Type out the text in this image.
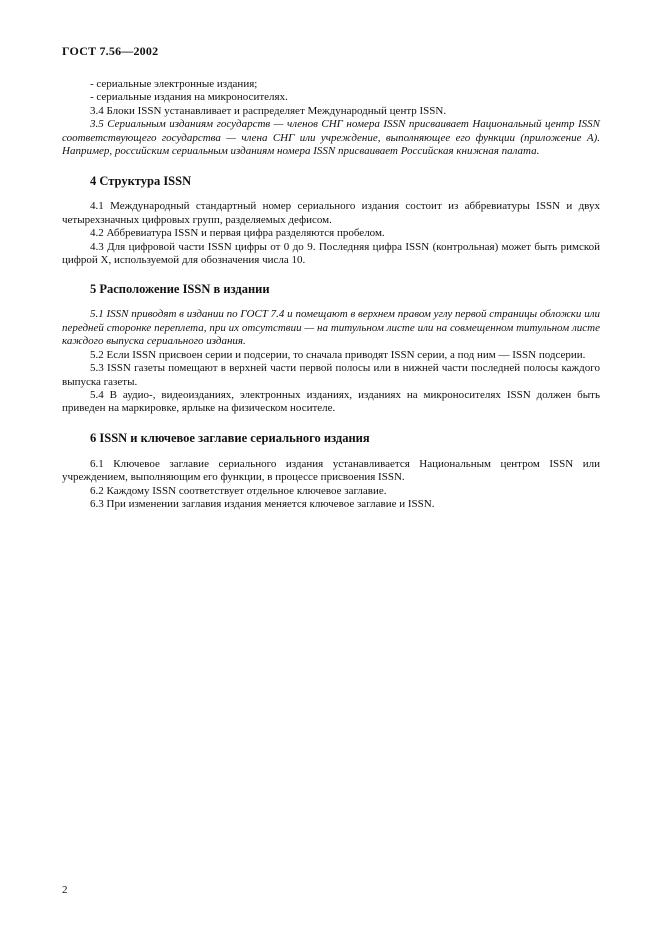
ГОСТ 7.56—2002

- сериальные электронные издания;

- сериальные издания на микроносителях.

3.4 Блоки ISSN устанавливает и распределяет Международный центр ISSN.

3.5 Сериальным изданиям государств — членов СНГ номера ISSN присваивает Национальный центр ISSN соответствующего государства — члена СНГ или учреждение, выполняющее его функции (приложение А). Например, российским сериальным изданиям номера ISSN присваивает Российская книжная палата.

4 Структура ISSN

4.1 Международный стандартный номер сериального издания состоит из аббревиатуры ISSN и двух четырехзначных цифровых групп, разделяемых дефисом.

4.2 Аббревиатура ISSN и первая цифра разделяются пробелом.

4.3 Для цифровой части ISSN цифры от 0 до 9. Последняя цифра ISSN (контрольная) может быть римской цифрой X, используемой для обозначения числа 10.

5 Расположение ISSN в издании

5.1 ISSN приводят в издании по ГОСТ 7.4 и помещают в верхнем правом углу первой страницы обложки или передней сторонке переплета, при их отсутствии — на титульном листе или на совмещенном титульном листе каждого выпуска сериального издания.

5.2 Если ISSN присвоен серии и подсерии, то сначала приводят ISSN серии, а под ним — ISSN подсерии.

5.3 ISSN газеты помещают в верхней части первой полосы или в нижней части последней полосы каждого выпуска газеты.

5.4 В аудио-, видеоизданиях, электронных изданиях, изданиях на микроносителях ISSN должен быть приведен на маркировке, ярлыке на физическом носителе.

6 ISSN и ключевое заглавие сериального издания

6.1 Ключевое заглавие сериального издания устанавливается Национальным центром ISSN или учреждением, выполняющим его функции, в процессе присвоения ISSN.

6.2 Каждому ISSN соответствует отдельное ключевое заглавие.

6.3 При изменении заглавия издания меняется ключевое заглавие и ISSN.

2
